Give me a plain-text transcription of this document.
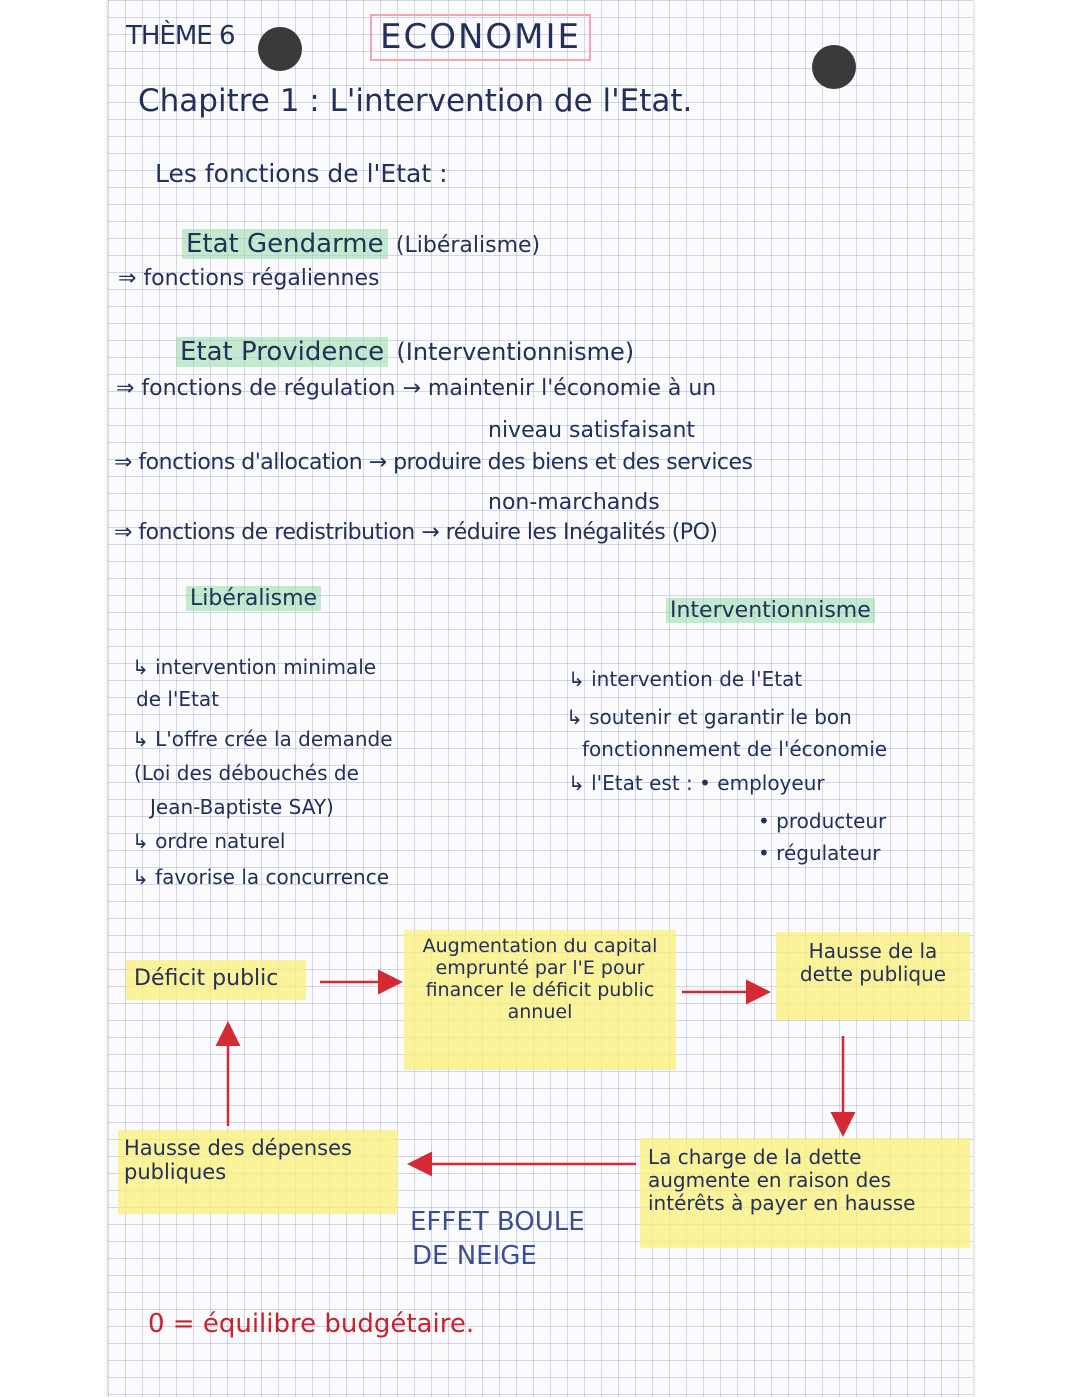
THÈME 6	ECONOMIE
Chapitre 1 : L'intervention de l'Etat.
Les fonctions de l'Etat :
Etat Gendarme (Libéralisme)
⇒ fonctions régaliennes
Etat Providence (Interventionnisme)
⇒ fonctions de régulation → maintenir l'économie à un
niveau satisfaisant
⇒ fonctions d'allocation → produire des biens et des services
non-marchands
⇒ fonctions de redistribution → réduire les Inégalités (PO)
Libéralisme
↳ intervention minimale
de l'Etat
↳ L'offre crée la demande
(Loi des débouchés de
Jean-Baptiste SAY)
↳ ordre naturel
↳ favorise la concurrence
Interventionnisme
↳ intervention de l'Etat
↳ soutenir et garantir le bon
fonctionnement de l'économie
↳ l'Etat est : • employeur
• producteur
• régulateur
Déficit public
Augmentation du capital emprunté par l'E pour financer le déficit public annuel
Hausse de la dette publique
La charge de la dette augmente en raison des intérêts à payer en hausse
Hausse des dépenses publiques
EFFET BOULE
DE NEIGE
0 = équilibre budgétaire.
